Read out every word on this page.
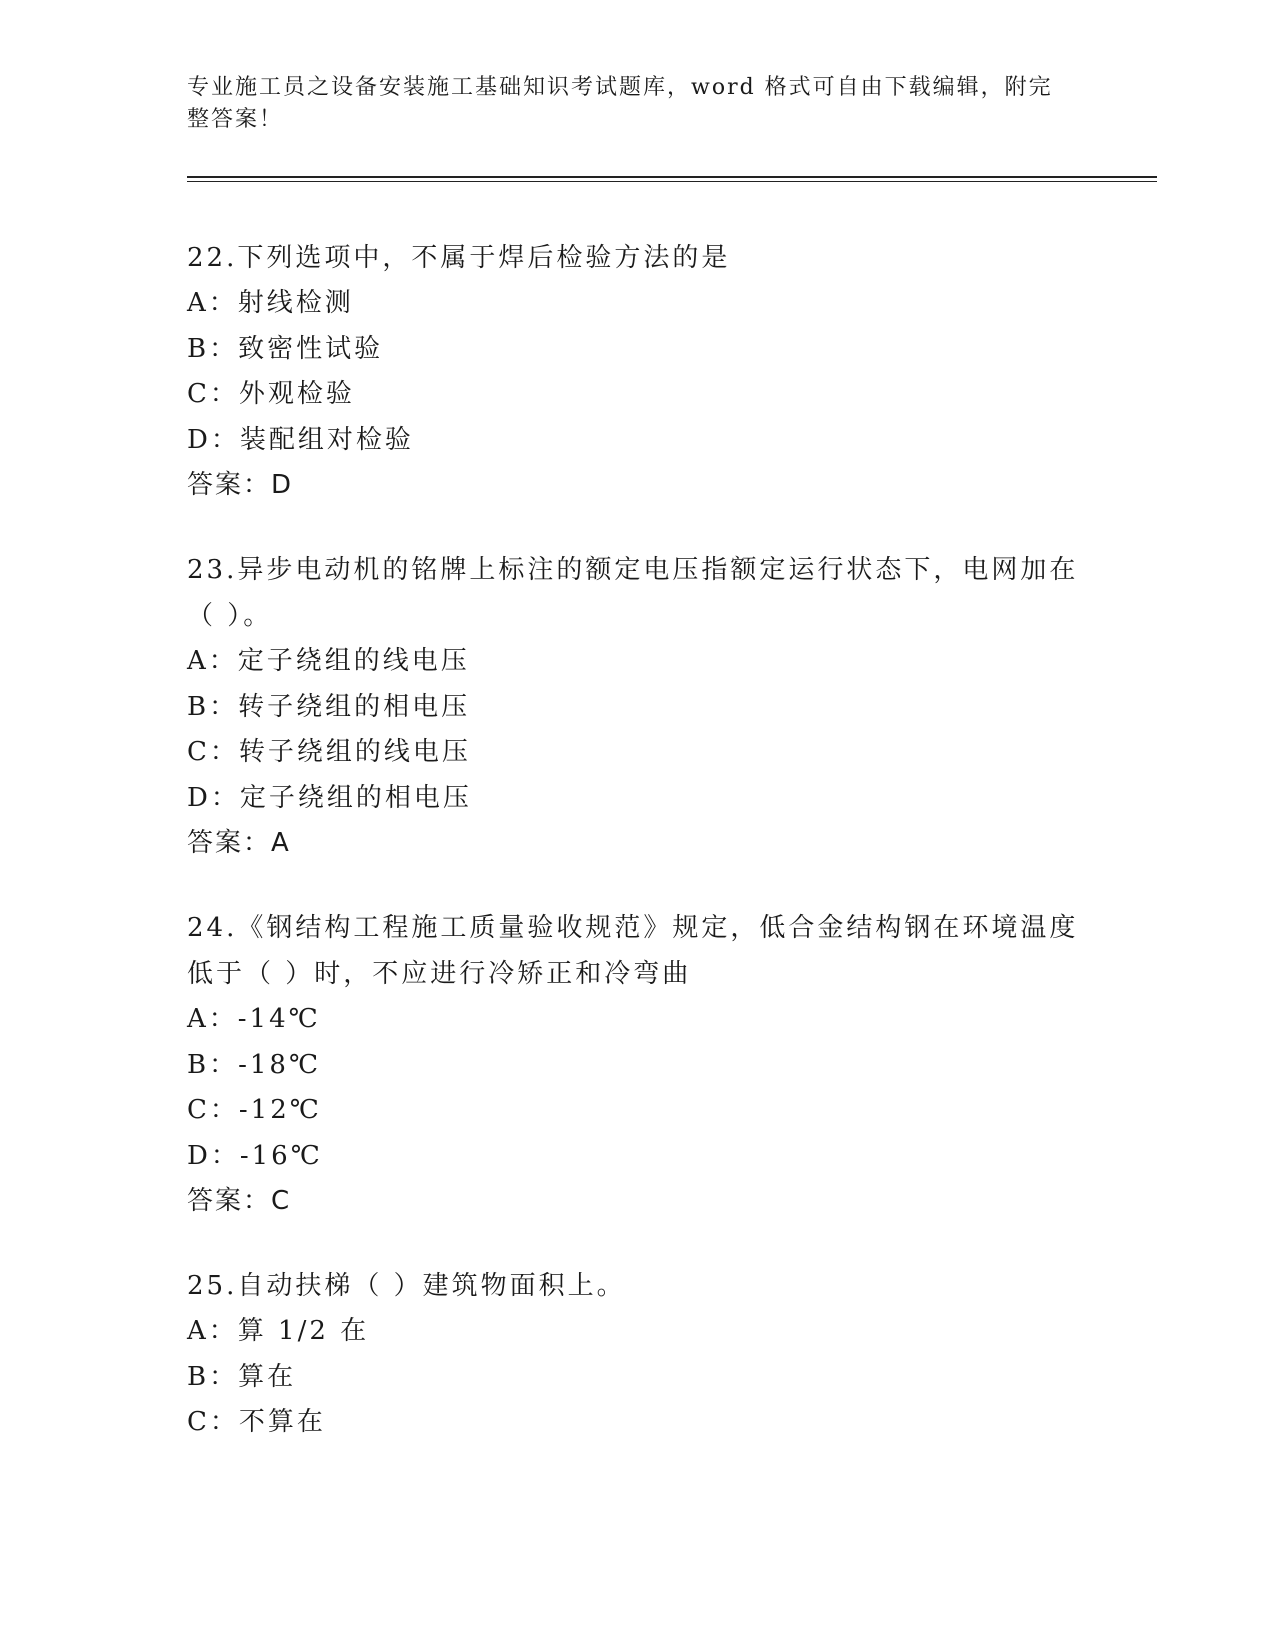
专业施工员之设备安装施工基础知识考试题库，word 格式可自由下载编辑，附完整答案！

22.下列选项中，不属于焊后检验方法的是

A：射线检测

B：致密性试验

C：外观检验

D：装配组对检验

答案：D

23.异步电动机的铭牌上标注的额定电压指额定运行状态下，电网加在（ ）。

A：定子绕组的线电压

B：转子绕组的相电压

C：转子绕组的线电压

D：定子绕组的相电压

答案：A

24.《钢结构工程施工质量验收规范》规定，低合金结构钢在环境温度低于（ ）时，不应进行冷矫正和冷弯曲

A：-14℃

B：-18℃

C：-12℃

D：-16℃

答案：C

25.自动扶梯（ ）建筑物面积上。

A：算 1/2 在

B：算在

C：不算在
